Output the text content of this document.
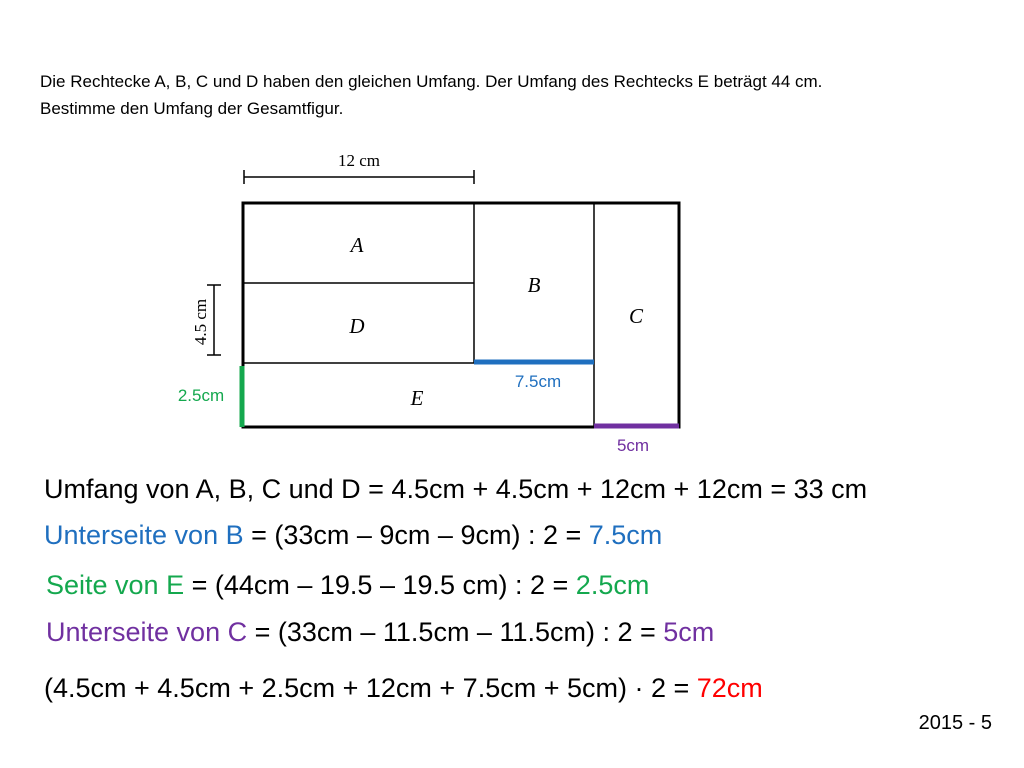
Die Rechtecke A, B, C und D haben den gleichen Umfang. Der Umfang des Rechtecks E beträgt 44 cm. Bestimme den Umfang der Gesamtfigur.
12 cm
4.5 cm
A
D
B
C
E
2.5cm
7.5cm
5cm
Umfang von A, B, C und D = 4.5cm + 4.5cm + 12cm + 12cm = 33 cm
Unterseite von B = (33cm – 9cm – 9cm) : 2 = 7.5cm
Seite von E = (44cm – 19.5 – 19.5 cm) : 2 = 2.5cm
Unterseite von C = (33cm – 11.5cm – 11.5cm) : 2 = 5cm
(4.5cm + 4.5cm + 2.5cm + 12cm + 7.5cm + 5cm) · 2 = 72cm
2015 - 5
